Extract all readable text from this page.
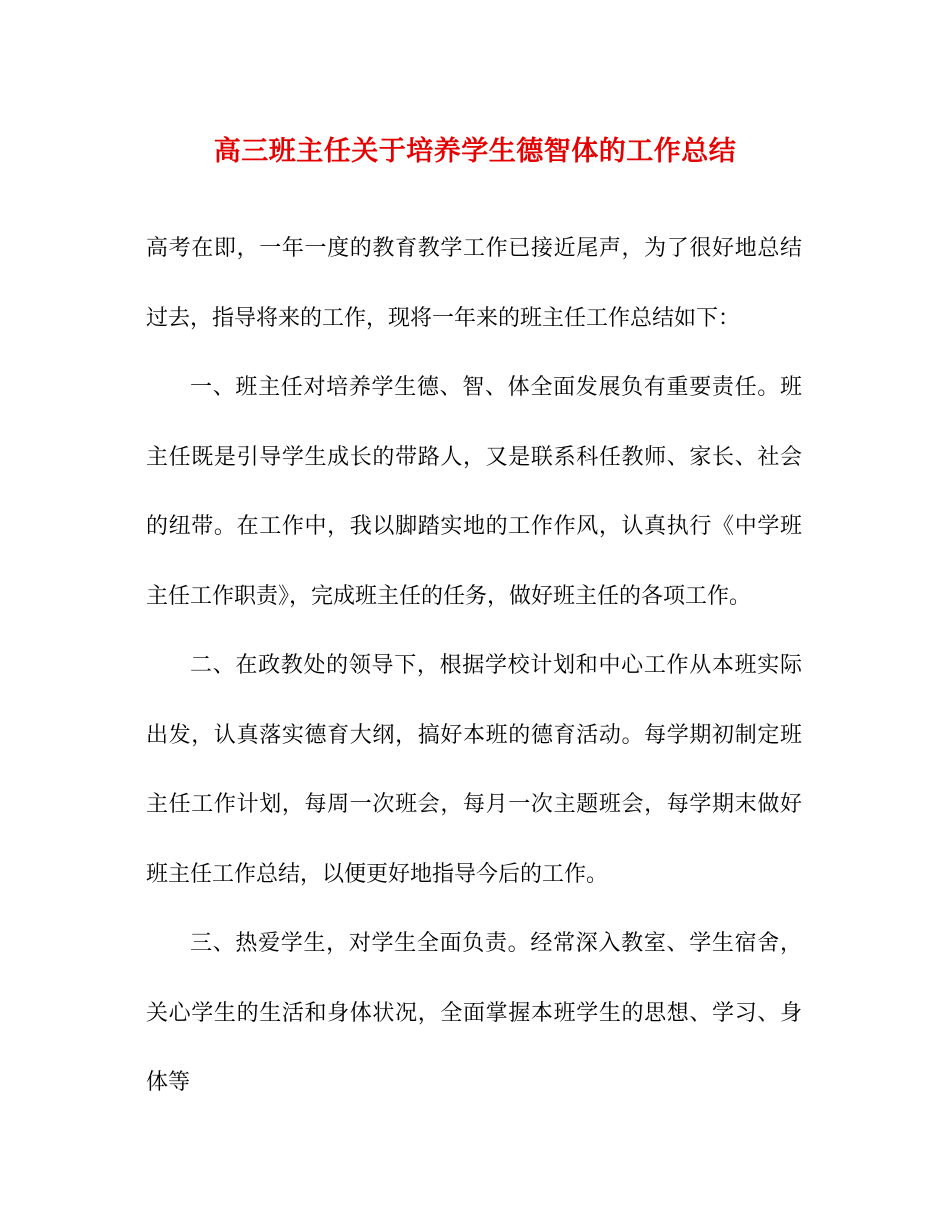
高三班主任关于培养学生德智体的工作总结

高考在即，一年一度的教育教学工作已接近尾声，为了很好地总结过去，指导将来的工作，现将一年来的班主任工作总结如下：

一、班主任对培养学生德、智、体全面发展负有重要责任。班主任既是引导学生成长的带路人，又是联系科任教师、家长、社会的纽带。在工作中，我以脚踏实地的工作作风，认真执行《中学班主任工作职责》，完成班主任的任务，做好班主任的各项工作。

二、在政教处的领导下，根据学校计划和中心工作从本班实际出发，认真落实德育大纲，搞好本班的德育活动。每学期初制定班主任工作计划，每周一次班会，每月一次主题班会，每学期末做好班主任工作总结，以便更好地指导今后的工作。

三、热爱学生，对学生全面负责。经常深入教室、学生宿舍，关心学生的生活和身体状况，全面掌握本班学生的思想、学习、身体等
